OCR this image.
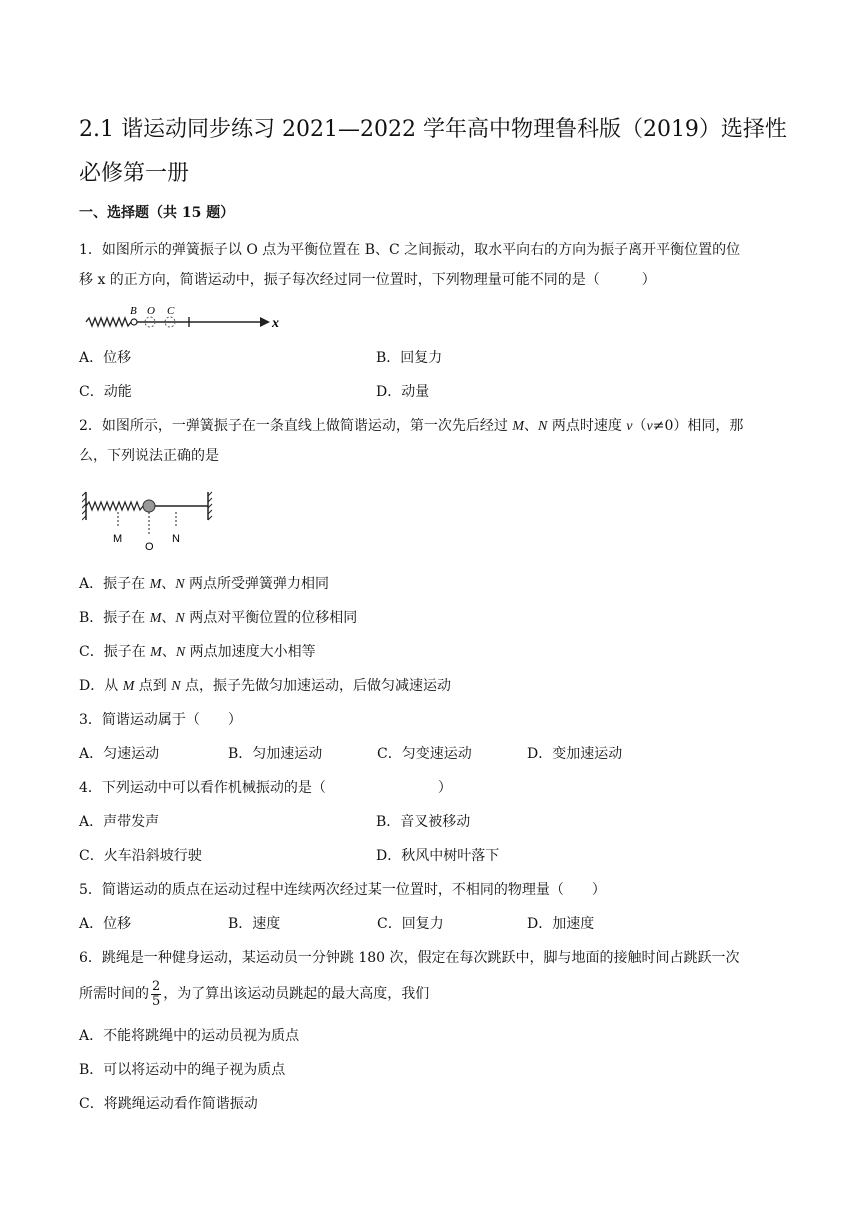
2.1 谐运动同步练习 2021—2022 学年高中物理鲁科版（2019）选择性
必修第一册
一、选择题（共 15 题）
1．如图所示的弹簧振子以 O 点为平衡位置在 B、C 之间振动，取水平向右的方向为振子离开平衡位置的位
移 x 的正方向，简谐运动中，振子每次经过同一位置时，下列物理量可能不同的是（　　　）
B O C
x
A．位移	B．回复力
C．动能	D．动量
2．如图所示，一弹簧振子在一条直线上做简谐运动，第一次先后经过 M、N 两点时速度 v（v≠0）相同，那
么，下列说法正确的是
M
O
N
A．振子在 M、N 两点所受弹簧弹力相同
B．振子在 M、N 两点对平衡位置的位移相同
C．振子在 M、N 两点加速度大小相等
D．从 M 点到 N 点，振子先做匀加速运动，后做匀减速运动
3．简谐运动属于（　　）
A．匀速运动	B．匀加速运动	C．匀变速运动	D．变加速运动
4．下列运动中可以看作机械振动的是（　　　　　　　　）
A．声带发声	B．音叉被移动
C．火车沿斜坡行驶	D．秋风中树叶落下
5．简谐运动的质点在运动过程中连续两次经过某一位置时，不相同的物理量（　　）
A．位移	B．速度	C．回复力	D．加速度
6．跳绳是一种健身运动，某运动员一分钟跳 180 次，假定在每次跳跃中，脚与地面的接触时间占跳跃一次
所需时间的 $\frac{2}{5}$ ，为了算出该运动员跳起的最大高度，我们
A．不能将跳绳中的运动员视为质点
B．可以将运动中的绳子视为质点
C．将跳绳运动看作简谐振动
